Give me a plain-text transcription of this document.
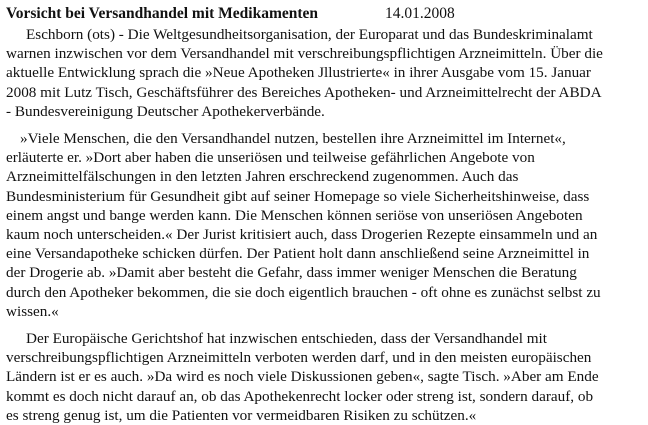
Vorsicht bei Versandhandel mit Medikamenten	14.01.2008
Eschborn (ots) - Die Weltgesundheitsorganisation, der Europarat und das Bundeskriminalamt
warnen inzwischen vor dem Versandhandel mit verschreibungspflichtigen Arzneimitteln. Über die
aktuelle Entwicklung sprach die »Neue Apotheken Jllustrierte« in ihrer Ausgabe vom 15. Januar
2008 mit Lutz Tisch, Geschäftsführer des Bereiches Apotheken- und Arzneimittelrecht der ABDA
- Bundesvereinigung Deutscher Apothekerverbände.
»Viele Menschen, die den Versandhandel nutzen, bestellen ihre Arzneimittel im Internet«,
erläuterte er. »Dort aber haben die unseriösen und teilweise gefährlichen Angebote von
Arzneimittelfälschungen in den letzten Jahren erschreckend zugenommen. Auch das
Bundesministerium für Gesundheit gibt auf seiner Homepage so viele Sicherheitshinweise, dass
einem angst und bange werden kann. Die Menschen können seriöse von unseriösen Angeboten
kaum noch unterscheiden.« Der Jurist kritisiert auch, dass Drogerien Rezepte einsammeln und an
eine Versandapotheke schicken dürfen. Der Patient holt dann anschließend seine Arzneimittel in
der Drogerie ab. »Damit aber besteht die Gefahr, dass immer weniger Menschen die Beratung
durch den Apotheker bekommen, die sie doch eigentlich brauchen - oft ohne es zunächst selbst zu
wissen.«
Der Europäische Gerichtshof hat inzwischen entschieden, dass der Versandhandel mit
verschreibungspflichtigen Arzneimitteln verboten werden darf, und in den meisten europäischen
Ländern ist er es auch. »Da wird es noch viele Diskussionen geben«, sagte Tisch. »Aber am Ende
kommt es doch nicht darauf an, ob das Apothekenrecht locker oder streng ist, sondern darauf, ob
es streng genug ist, um die Patienten vor vermeidbaren Risiken zu schützen.«
